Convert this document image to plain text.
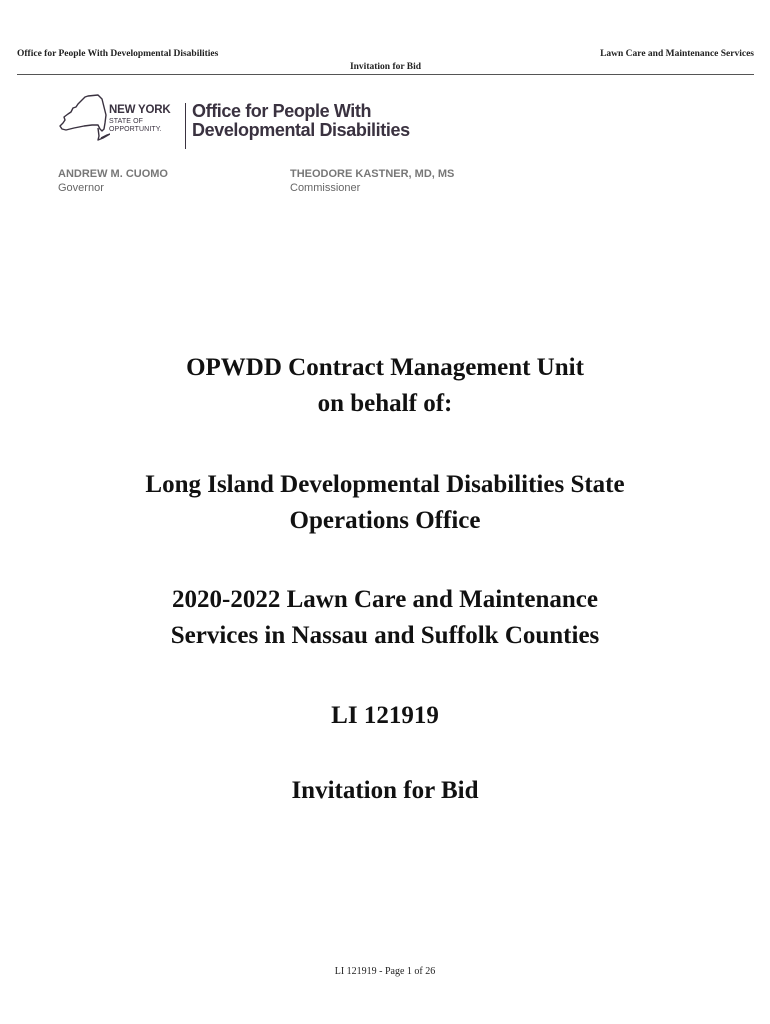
Office for People With Developmental Disabilities	Lawn Care and Maintenance Services
Invitation for Bid
NEW YORK
STATE OF
OPPORTUNITY.
Office for People With
Developmental Disabilities
ANDREW M. CUOMO
Governor
THEODORE KASTNER, MD, MS
Commissioner
OPWDD Contract Management Unit
on behalf of:
Long Island Developmental Disabilities State
Operations Office
2020-2022 Lawn Care and Maintenance
Services in Nassau and Suffolk Counties
LI 121919
Invitation for Bid
LI 121919 - Page 1 of 26
